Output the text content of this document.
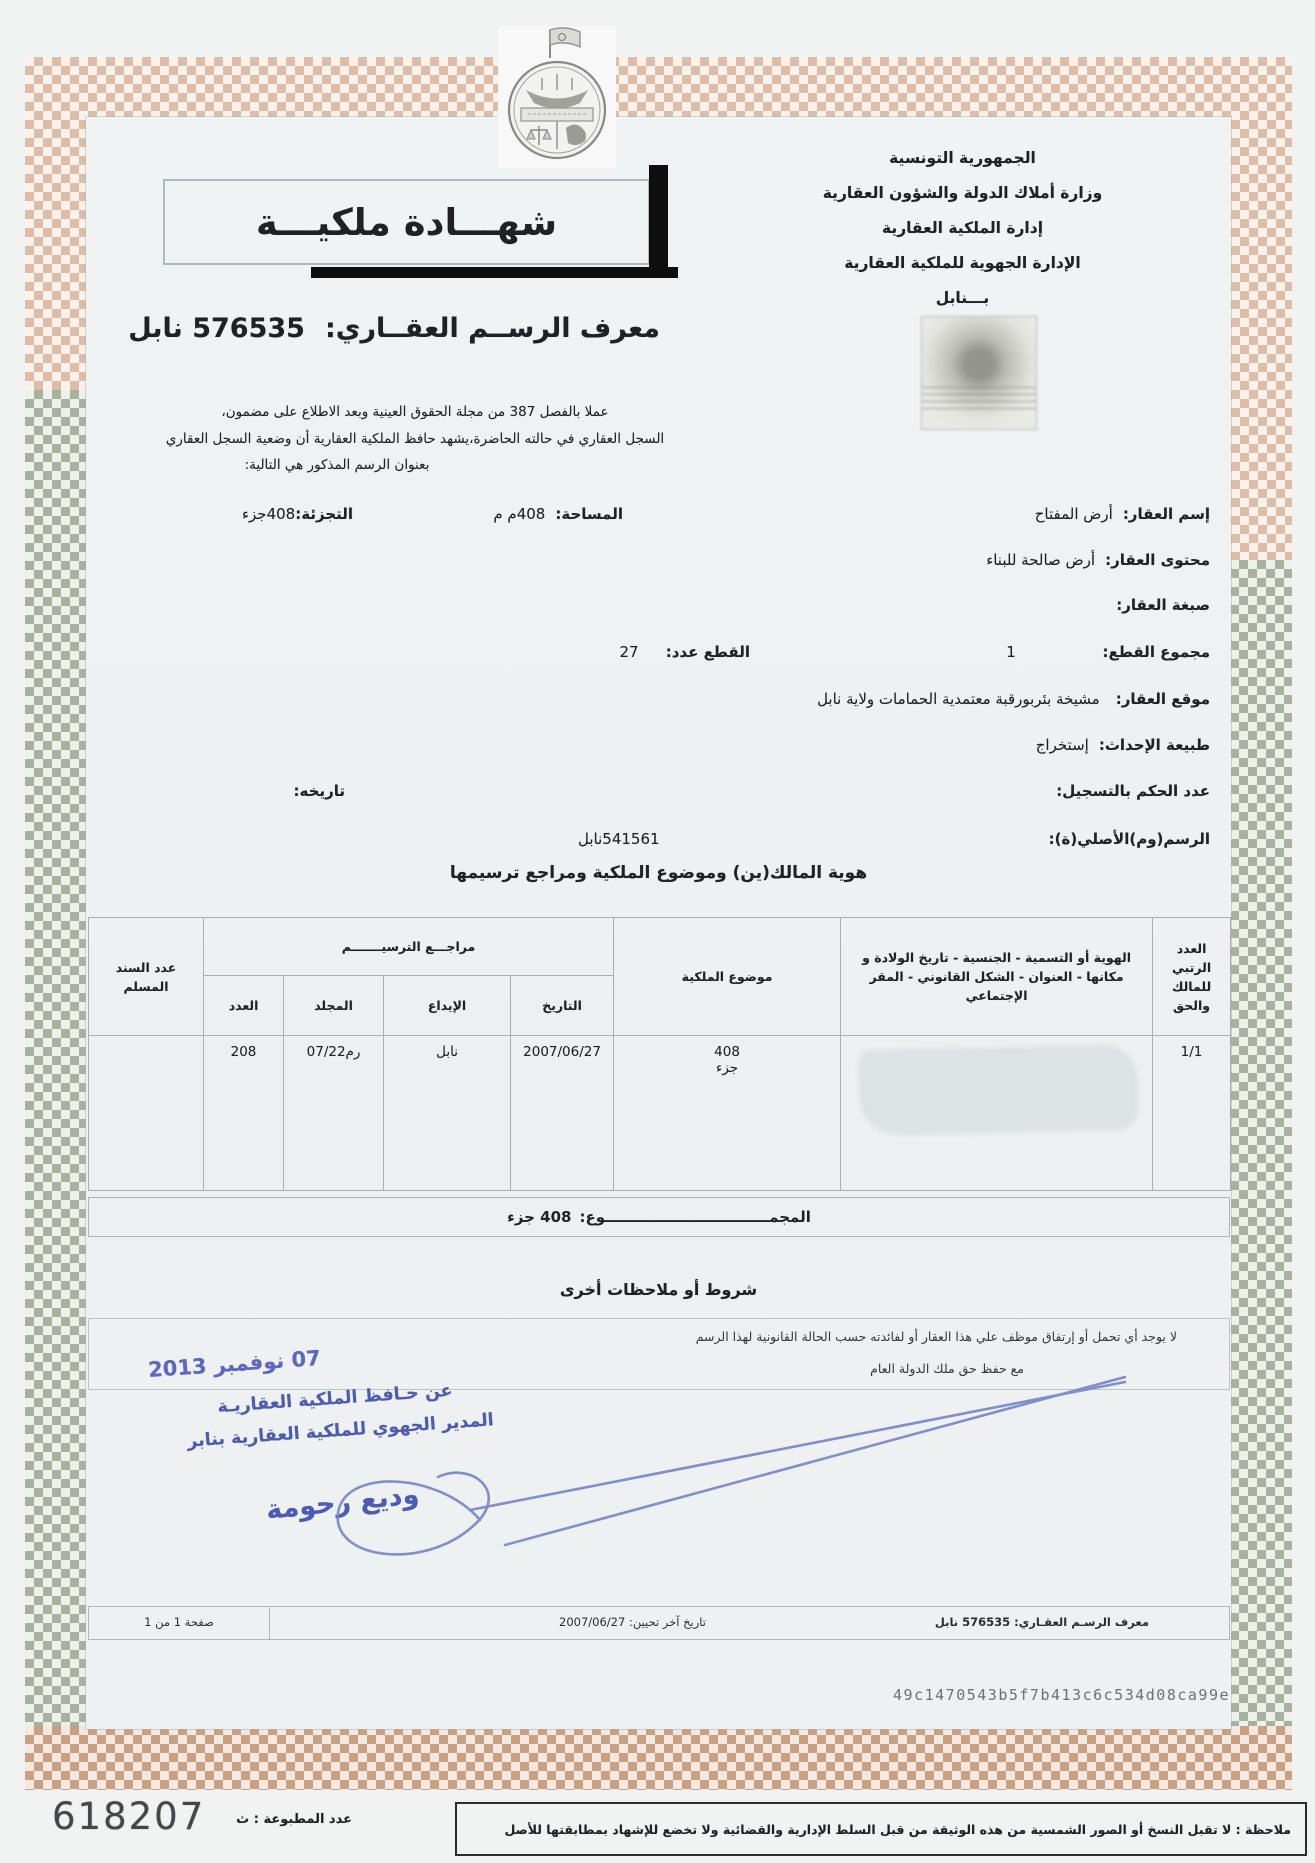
الجمهورية التونسية
وزارة أملاك الدولة والشؤون العقارية
إدارة الملكية العقارية
الإدارة الجهوية للملكية العقارية
بـــنابل
شهـــادة ملكيـــة
معرف الرســم العقــاري:576535 نابل
عملا بالفصل 387 من مجلة الحقوق العينية وبعد الاطلاع على مضمون،
السجل العقاري في حالته الحاضرة،يشهد حافظ الملكية العقارية أن وضعية السجل العقاري
بعنوان الرسم المذكور هي التالية:
إسم العقار:أرض المفتاح
المساحة:408م م
التجزئة:408جزء
محتوى العقار:أرض صالحة للبناء
صبغة العقار:
مجموع القطع:
1
القطع عدد:
27
موقع العقار:مشيخة بئربورقبة معتمدية الحمامات ولاية نابل
طبيعة الإحداث:إستخراج
عدد الحكم بالتسجيل:
تاريخه:
الرسم(وم)الأصلي(ة):
541561نابل
هوية المالك(ين) وموضوع الملكية ومراجع ترسيمها
العدد الرتبي للمالك والحق	الهوية أو التسمية - الجنسية - تاريخ الولادة و مكانها - العنوان - الشكل القانوني - المقر الإجتماعي	موضوع الملكية	مراجـــع الترسيـــــــم				عدد السند المسلم
			التاريخ	الإيداع	المجلد	العدد	
1/1		408
جزء	2007/06/27	نابل	رم07/22	208	
المجمــــــــــــــــــــــــــــــــوع:
408 جزء
شروط أو ملاحظات أخرى
لا يوجد أي تحمل أو إرتفاق موظف علي هذا العقار أو لفائدته حسب الحالة القانونية لهذا الرسم
مع حفظ حق ملك الدولة العام
07 نوفمبر 2013
عن حـافظ الملكية العقاريـة
المدير الجهوي للملكية العقارية بنابر
وديع رحومة
صفحة 1 من 1	تاريخ آخر تحيين: 2007/06/27	معرف الرسـم العقـاري: 576535 نابل
49c1470543b5f7b413c6c534d08ca99e
618207 عدد المطبوعة : ث
ملاحظة : لا تقبل النسخ أو الصور الشمسية من هذه الوثيقة من قبل السلط الإدارية والقضائية ولا تخضع للإشهاد بمطابقتها للأصل
